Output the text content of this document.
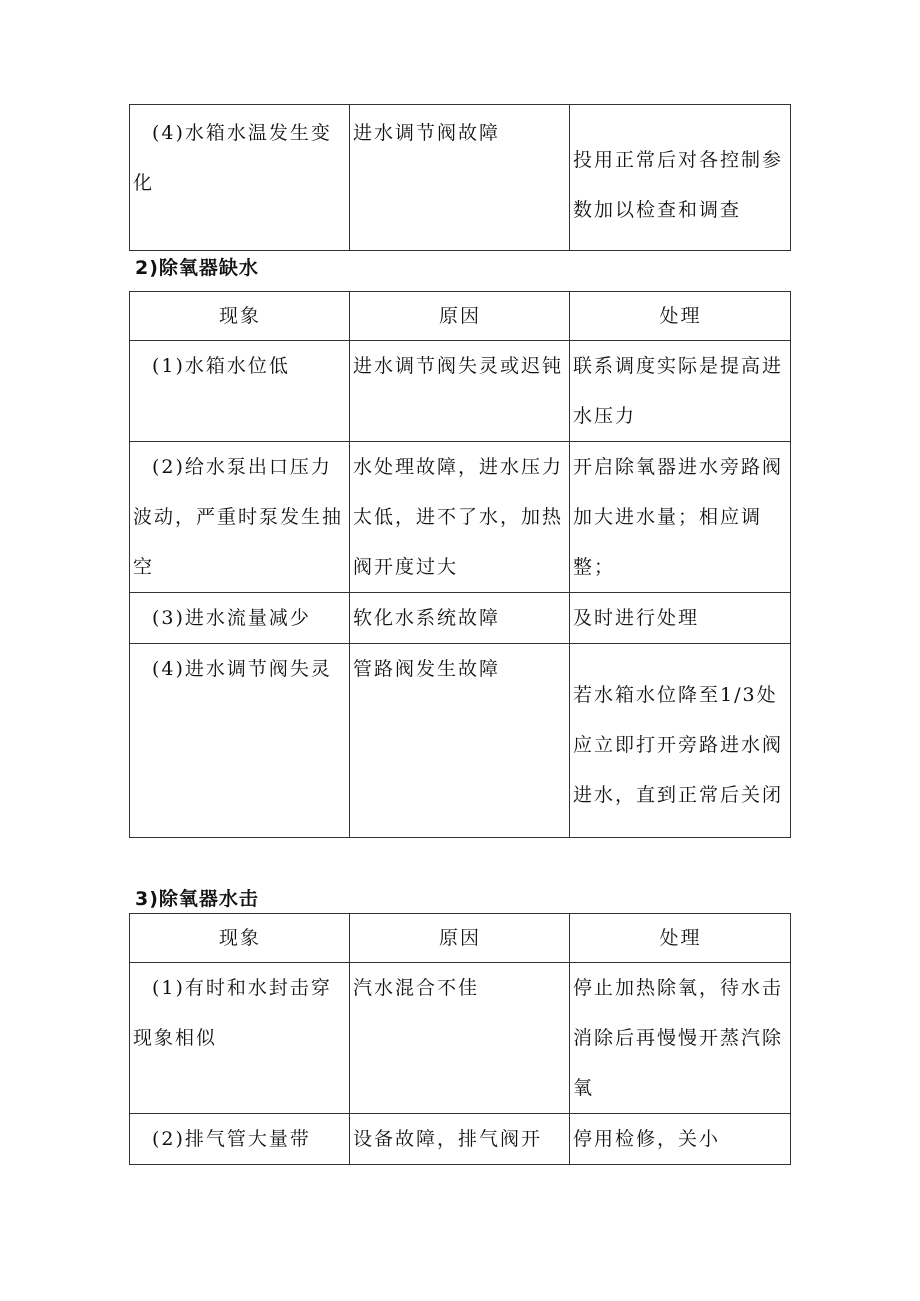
(4)水箱水温发生变化	进水调节阀故障	投用正常后对各控制参数加以检查和调查
2)除氧器缺水
现象	原因	处理
(1)水箱水位低	进水调节阀失灵或迟钝	联系调度实际是提高进水压力
(2)给水泵出口压力波动，严重时泵发生抽空	水处理故障，进水压力太低，进不了水，加热阀开度过大	开启除氧器进水旁路阀加大进水量；相应调整；
(3)进水流量减少	软化水系统故障	及时进行处理
(4)进水调节阀失灵	管路阀发生故障	若水箱水位降至1/3处应立即打开旁路进水阀进水，直到正常后关闭
3)除氧器水击
现象	原因	处理
(1)有时和水封击穿现象相似	汽水混合不佳	停止加热除氧，待水击消除后再慢慢开蒸汽除氧
(2)排气管大量带	设备故障，排气阀开	停用检修，关小
